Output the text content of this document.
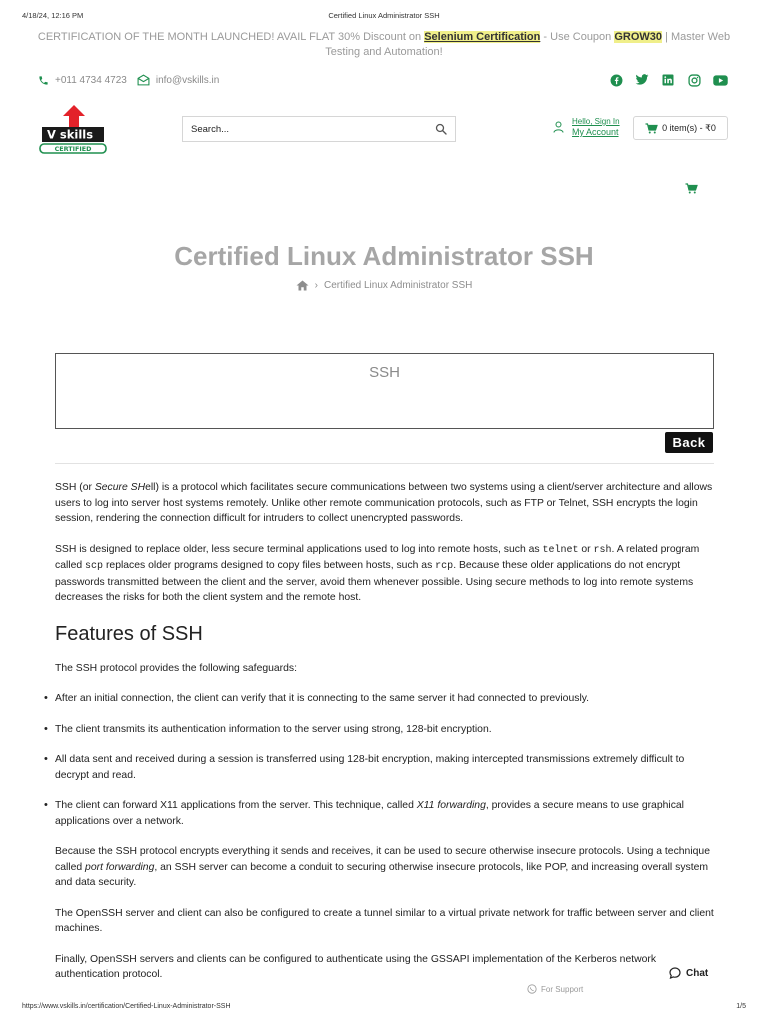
4/18/24, 12:16 PM	Certified Linux Administrator SSH
CERTIFICATION OF THE MONTH LAUNCHED! AVAIL FLAT 30% Discount on Selenium Certification - Use Coupon GROW30 | Master Web Testing and Automation!
+011 4734 4723	info@vskills.in
V skills
CERTIFIED
Search...
Hello, Sign In
My Account	0 item(s) - ₹0
Certified Linux Administrator SSH
› Certified Linux Administrator SSH
SSH
Back

SSH (or Secure SHell) is a protocol which facilitates secure communications between two systems using a client/server architecture and allows users to log into server host systems remotely. Unlike other remote communication protocols, such as FTP or Telnet, SSH encrypts the login session, rendering the connection difficult for intruders to collect unencrypted passwords.

SSH is designed to replace older, less secure terminal applications used to log into remote hosts, such as telnet or rsh. A related program called scp replaces older programs designed to copy files between hosts, such as rcp. Because these older applications do not encrypt passwords transmitted between the client and the server, avoid them whenever possible. Using secure methods to log into remote systems decreases the risks for both the client system and the remote host.

Features of SSH

The SSH protocol provides the following safeguards:

• After an initial connection, the client can verify that it is connecting to the same server it had connected to previously.
• The client transmits its authentication information to the server using strong, 128-bit encryption.
• All data sent and received during a session is transferred using 128-bit encryption, making intercepted transmissions extremely difficult to decrypt and read.
• The client can forward X11 applications from the server. This technique, called X11 forwarding, provides a secure means to use graphical applications over a network.

Because the SSH protocol encrypts everything it sends and receives, it can be used to secure otherwise insecure protocols. Using a technique called port forwarding, an SSH server can become a conduit to securing otherwise insecure protocols, like POP, and increasing overall system and data security.

The OpenSSH server and client can also be configured to create a tunnel similar to a virtual private network for traffic between server and client machines.

Finally, OpenSSH servers and clients can be configured to authenticate using the GSSAPI implementation of the Kerberos network authentication protocol.	Chat
For Support
https://www.vskills.in/certification/Certified-Linux-Administrator-SSH	1/5
